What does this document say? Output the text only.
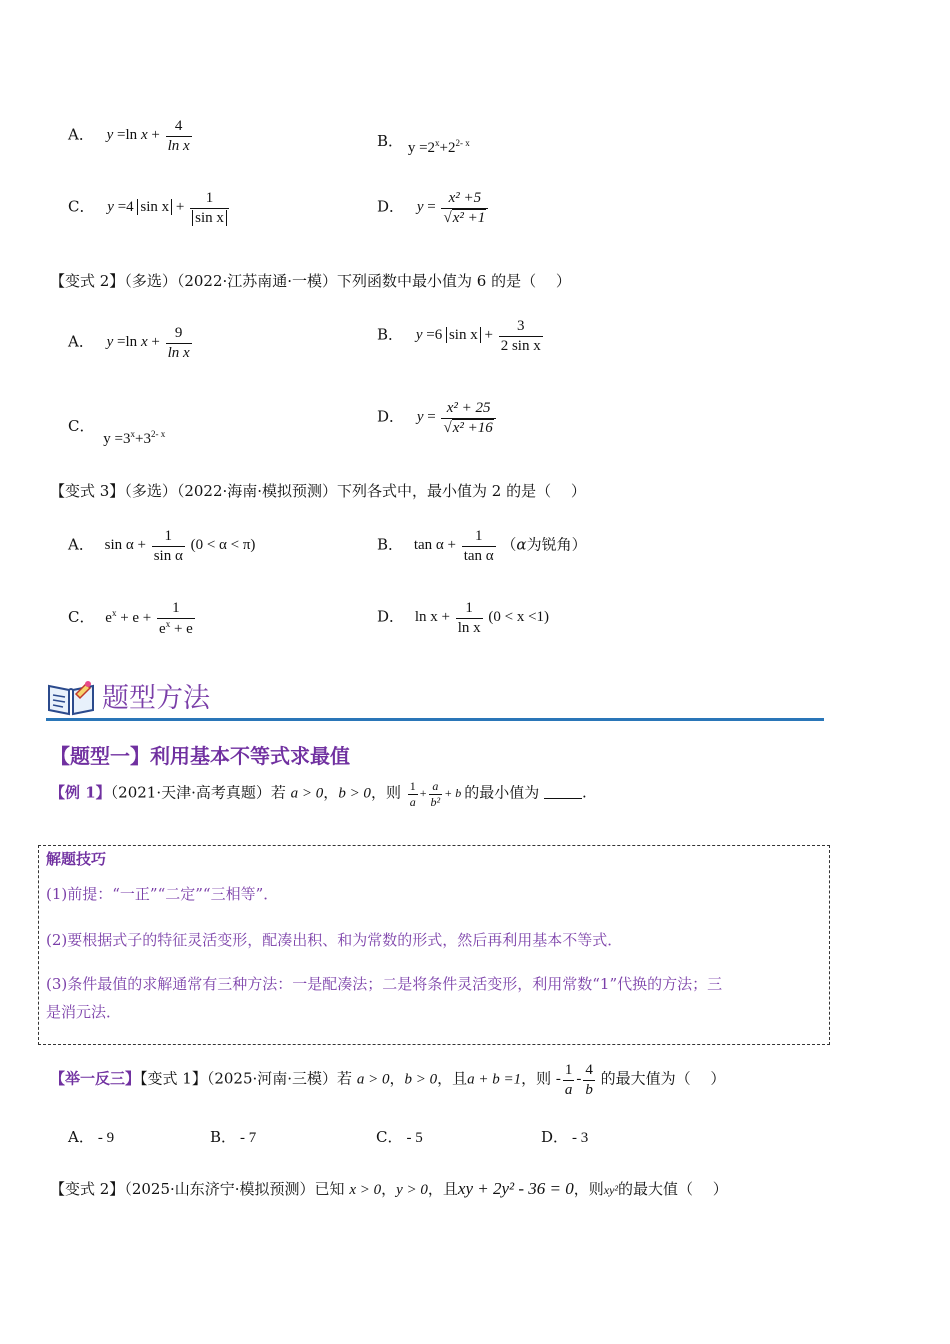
A． y =ln $x + \frac{4}{\text{ln x}}$	B． $y =2^x+2^{2- x}$
C． y =4 $\sin x + \frac{1}{\text{sin x}}$	D． $y = \frac{\text{x² +5}}{\text{√x² +1}}$
【变式 2】（多选）（2022·江苏南通·一模）下列函数中最小值为 6 的是（　 ）
A． y =ln $x + \frac{9}{\text{ln x}}$	B． y =6 $\sin x + \frac{3}{\text{2 sin x}}$
C． $y =3^x+3^{2- x}$
D． $y = \frac{\text{x² + 25}}{\text{√x² +16}}$
【变式 3】（多选）（2022·海南·模拟预测）下列各式中，最小值为 2 的是（　 ）
A． $\sin \alpha + \frac{1}{\text{sin α}} (0 < \alpha < \pi)$	B． $\tan \alpha + \frac{1}{\text{tan α}} (\alpha$为锐角）
C． $e^x + e + \frac{1}{e^x + e}$	D． $\ln x + \frac{1}{\text{ln x}} (0 < x <1)$
题型方法
【题型一】利用基本不等式求最值
【例 1】（2021·天津·高考真题）若 a > 0，b > 0，则 $\frac{1}{a} + \frac{a}{\text{b²}} + b$ 的最小值为	.
解题技巧
(1)前提：“一正”“二定”“三相等”．
(2)要根据式子的特征灵活变形，配凑出积、和为常数的形式，然后再利用基本不等式．
(3)条件最值的求解通常有三种方法：一是配凑法；二是将条件灵活变形，利用常数“1”代换的方法；三
是消元法．
【举一反三】【变式 1】（2025·河南·三模）若 a > 0，b > 0，且a + b =1，则 - $\frac{1}{a} - \frac{4}{b}$ 的最大值为（　 ）
A． - 9	B． - 7	C． - 5	D． - 3
【变式 2】（2025·山东济宁·模拟预测）已知 x > 0，y > 0，且xy + 2y² - 36 = 0，则xy²的最大值（　 ）
